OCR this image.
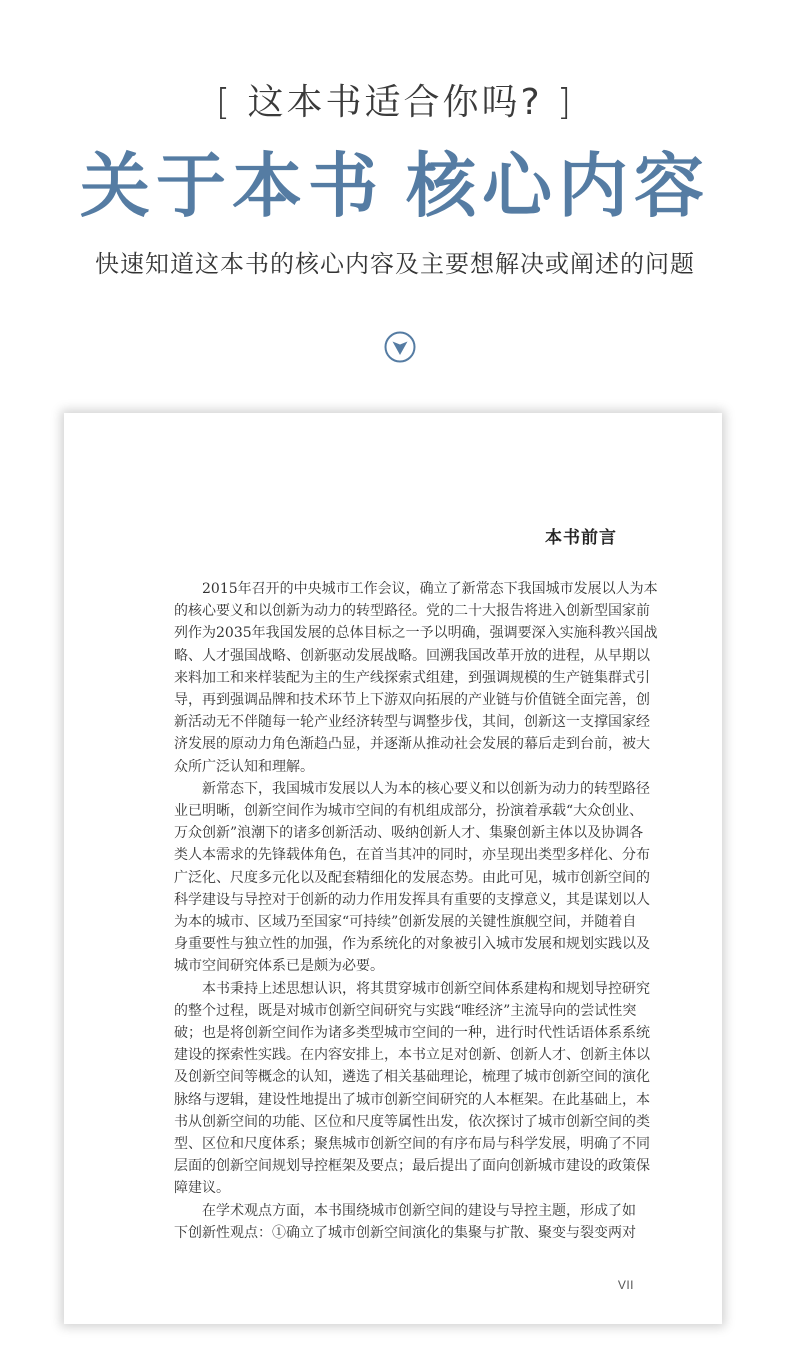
[ 这本书适合你吗? ]
关于本书 核心内容
快速知道这本书的核心内容及主要想解决或阐述的问题
本书前言
2015年召开的中央城市工作会议，确立了新常态下我国城市发展以人为本
的核心要义和以创新为动力的转型路径。党的二十大报告将进入创新型国家前
列作为2035年我国发展的总体目标之一予以明确，强调要深入实施科教兴国战
略、人才强国战略、创新驱动发展战略。回溯我国改革开放的进程，从早期以
来料加工和来样装配为主的生产线探索式组建，到强调规模的生产链集群式引
导，再到强调品牌和技术环节上下游双向拓展的产业链与价值链全面完善，创
新活动无不伴随每一轮产业经济转型与调整步伐，其间，创新这一支撑国家经
济发展的原动力角色渐趋凸显，并逐渐从推动社会发展的幕后走到台前，被大
众所广泛认知和理解。
新常态下，我国城市发展以人为本的核心要义和以创新为动力的转型路径
业已明晰，创新空间作为城市空间的有机组成部分，扮演着承载“大众创业、
万众创新”浪潮下的诸多创新活动、吸纳创新人才、集聚创新主体以及协调各
类人本需求的先锋载体角色，在首当其冲的同时，亦呈现出类型多样化、分布
广泛化、尺度多元化以及配套精细化的发展态势。由此可见，城市创新空间的
科学建设与导控对于创新的动力作用发挥具有重要的支撑意义，其是谋划以人
为本的城市、区域乃至国家“可持续”创新发展的关键性旗舰空间，并随着自
身重要性与独立性的加强，作为系统化的对象被引入城市发展和规划实践以及
城市空间研究体系已是颇为必要。
本书秉持上述思想认识，将其贯穿城市创新空间体系建构和规划导控研究
的整个过程，既是对城市创新空间研究与实践“唯经济”主流导向的尝试性突
破；也是将创新空间作为诸多类型城市空间的一种，进行时代性话语体系系统
建设的探索性实践。在内容安排上，本书立足对创新、创新人才、创新主体以
及创新空间等概念的认知，遴选了相关基础理论，梳理了城市创新空间的演化
脉络与逻辑，建设性地提出了城市创新空间研究的人本框架。在此基础上，本
书从创新空间的功能、区位和尺度等属性出发，依次探讨了城市创新空间的类
型、区位和尺度体系；聚焦城市创新空间的有序布局与科学发展，明确了不同
层面的创新空间规划导控框架及要点；最后提出了面向创新城市建设的政策保
障建议。
在学术观点方面，本书围绕城市创新空间的建设与导控主题，形成了如
下创新性观点：①确立了城市创新空间演化的集聚与扩散、聚变与裂变两对
VII
